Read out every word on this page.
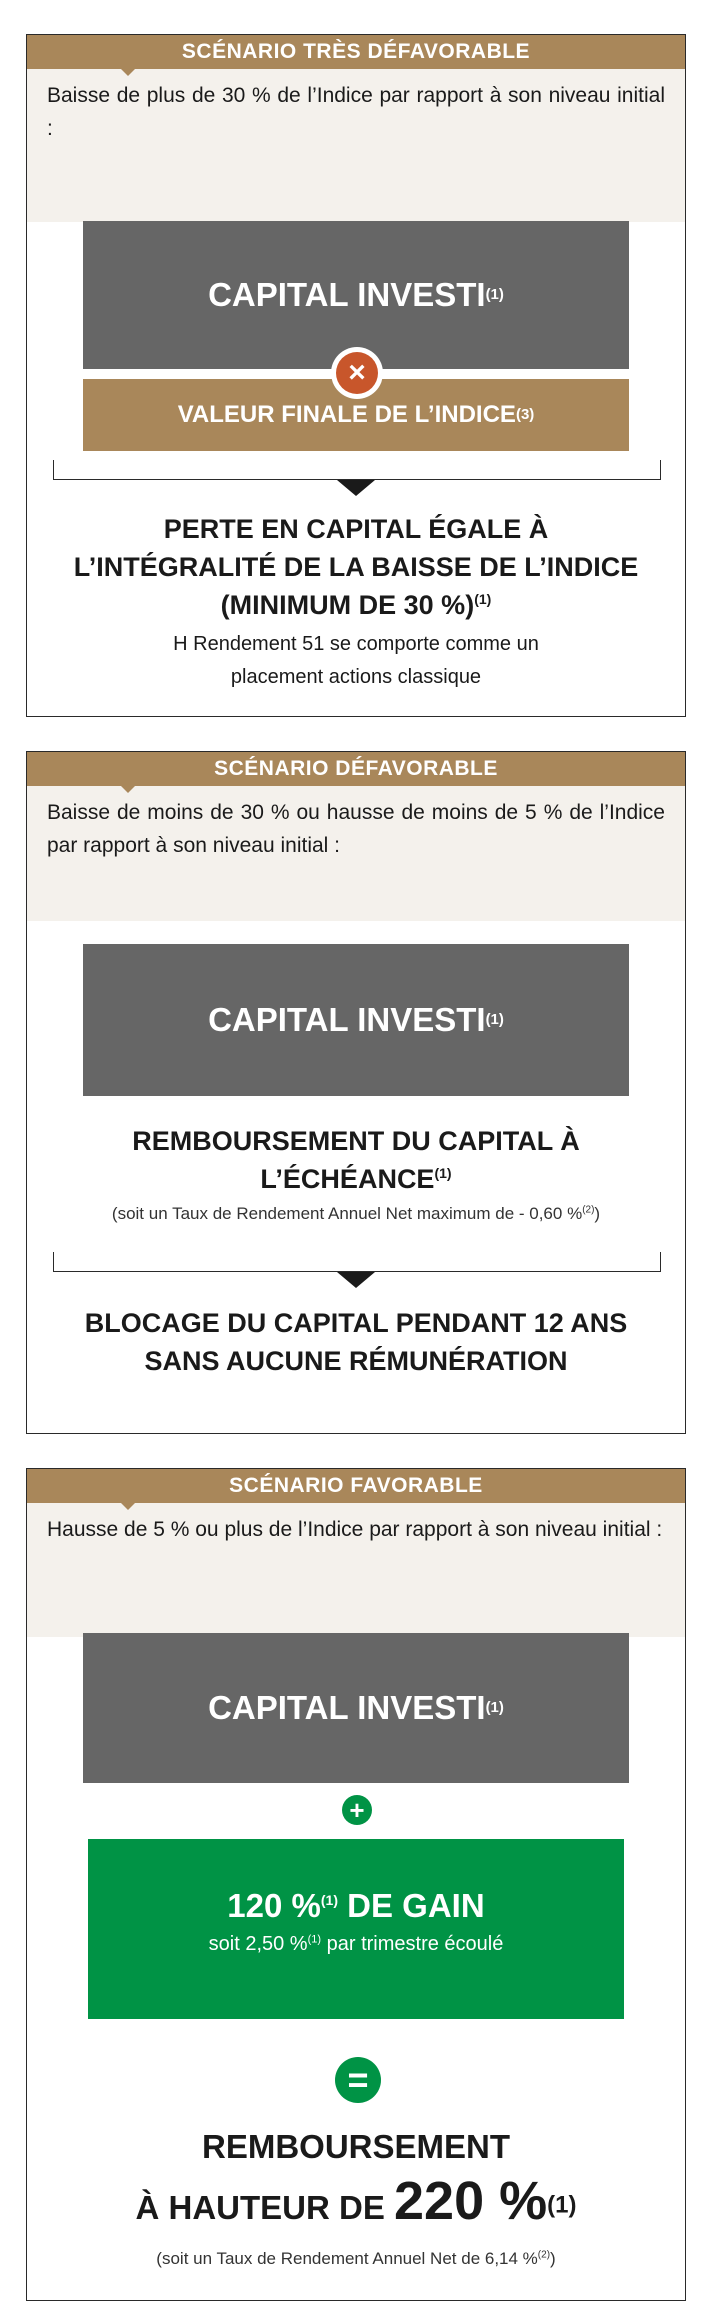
SCÉNARIO TRÈS DÉFAVORABLE
Baisse de plus de 30 % de l’Indice par rapport à son niveau initial :
CAPITAL INVESTI (1)
VALEUR FINALE DE L’INDICE (3)
×
PERTE EN CAPITAL ÉGALE À
L’INTÉGRALITÉ DE LA BAISSE DE L’INDICE
(MINIMUM DE 30 %)$^{(1)}$
H Rendement 51 se comporte comme un
placement actions classique
SCÉNARIO DÉFAVORABLE
Baisse de moins de 30 % ou hausse de moins de 5 % de l’Indice par rapport à son niveau initial :
CAPITAL INVESTI (1)
REMBOURSEMENT DU CAPITAL À
L’ÉCHÉANCE$^{(1)}$
(soit un Taux de Rendement Annuel Net maximum de - 0,60 %$^{(2)}$)
BLOCAGE DU CAPITAL PENDANT 12 ANS
SANS AUCUNE RÉMUNÉRATION
SCÉNARIO FAVORABLE
Hausse de 5 % ou plus de l’Indice par rapport à son niveau initial :
CAPITAL INVESTI (1)
+
120 %$^{(1)}$ DE GAIN
soit 2,50 %$^{(1)}$ par trimestre écoulé
=
REMBOURSEMENT
À HAUTEUR DE 220 %$^{(1)}$
(soit un Taux de Rendement Annuel Net de 6,14 %$^{(2)}$)
